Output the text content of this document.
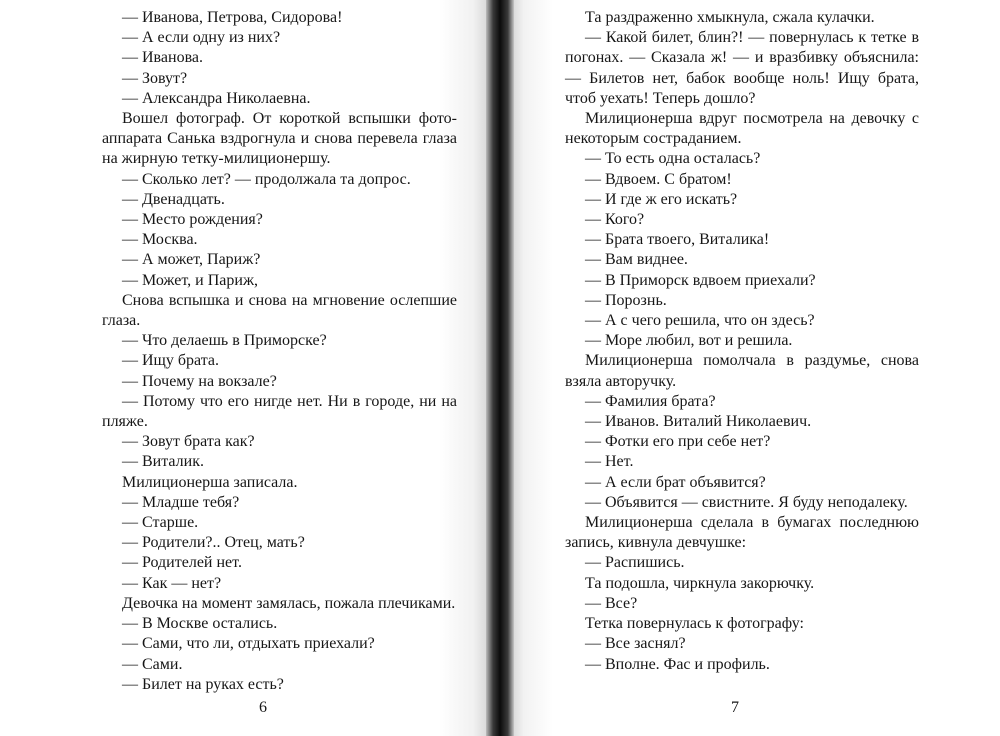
— Иванова, Петрова, Сидорова!

— А если одну из них?

— Иванова.

— Зовут?

— Александра Николаевна.

Вошел фотограф. От короткой вспышки фотоаппарата Санька вздрогнула и снова перевела глаза на жирную тетку-милиционершу.

— Сколько лет? — продолжала та допрос.

— Двенадцать.

— Место рождения?

— Москва.

— А может, Париж?

— Может, и Париж,

Снова вспышка и снова на мгновение ослепшие глаза.

— Что делаешь в Приморске?

— Ищу брата.

— Почему на вокзале?

— Потому что его нигде нет. Ни в городе, ни на пляже.

— Зовут брата как?

— Виталик.

Милиционерша записала.

— Младше тебя?

— Старше.

— Родители?.. Отец, мать?

— Родителей нет.

— Как — нет?

Девочка на момент замялась, пожала плечиками.

— В Москве остались.

— Сами, что ли, отдыхать приехали?

— Сами.

— Билет на руках есть?

6

Та раздраженно хмыкнула, сжала кулачки.

— Какой билет, блин?! — повернулась к тетке в погонах. — Сказала ж! — и вразбивку объяснила: — Билетов нет, бабок вообще ноль! Ищу брата, чтоб уехать! Теперь дошло?

Милиционерша вдруг посмотрела на девочку с некоторым состраданием.

— То есть одна осталась?

— Вдвоем. С братом!

— И где ж его искать?

— Кого?

— Брата твоего, Виталика!

— Вам виднее.

— В Приморск вдвоем приехали?

— Порознь.

— А с чего решила, что он здесь?

— Море любил, вот и решила.

Милиционерша помолчала в раздумье, снова взяла авторучку.

— Фамилия брата?

— Иванов. Виталий Николаевич.

— Фотки его при себе нет?

— Нет.

— А если брат объявится?

— Объявится — свистните. Я буду неподалеку.

Милиционерша сделала в бумагах последнюю запись, кивнула девчушке:

— Распишись.

Та подошла, чиркнула закорючку.

— Все?

Тетка повернулась к фотографу:

— Все заснял?

— Вполне. Фас и профиль.

7
